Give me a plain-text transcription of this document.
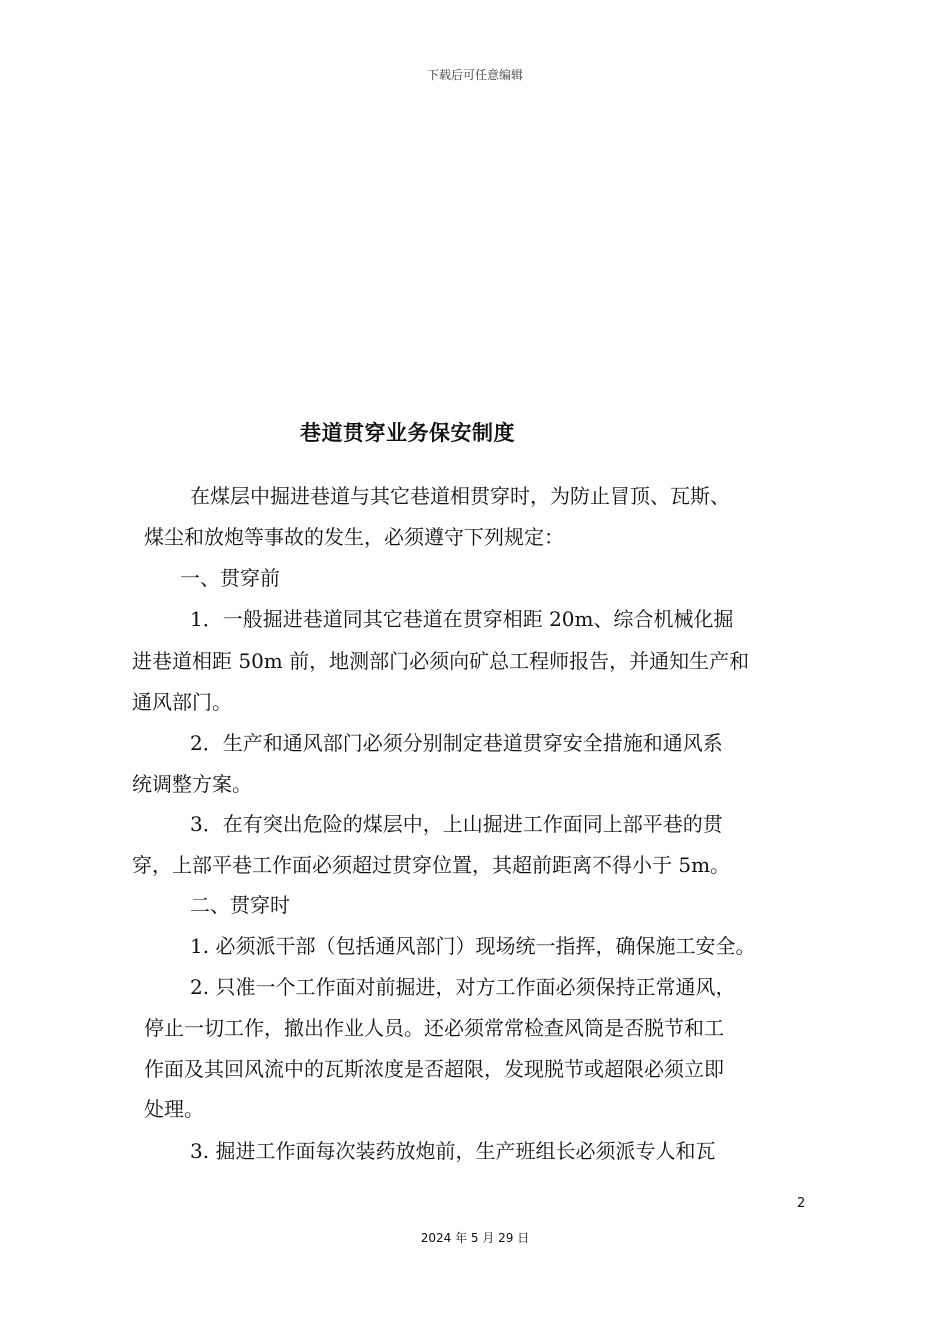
下载后可任意编辑
巷道贯穿业务保安制度
在煤层中掘进巷道与其它巷道相贯穿时，为防止冒顶、瓦斯、
煤尘和放炮等事故的发生，必须遵守下列规定：
一、贯穿前
1．一般掘进巷道同其它巷道在贯穿相距 20m、综合机械化掘
进巷道相距 50m 前，地测部门必须向矿总工程师报告，并通知生产和
通风部门。
2．生产和通风部门必须分别制定巷道贯穿安全措施和通风系
统调整方案。
3．在有突出危险的煤层中，上山掘进工作面同上部平巷的贯
穿，上部平巷工作面必须超过贯穿位置，其超前距离不得小于 5m。
二、贯穿时
1. 必须派干部（包括通风部门）现场统一指挥，确保施工安全。
2. 只准一个工作面对前掘进，对方工作面必须保持正常通风，
停止一切工作，撤出作业人员。还必须常常检查风筒是否脱节和工
作面及其回风流中的瓦斯浓度是否超限，发现脱节或超限必须立即
处理。
3. 掘进工作面每次装药放炮前，生产班组长必须派专人和瓦
2
2024 年 5 月 29 日
